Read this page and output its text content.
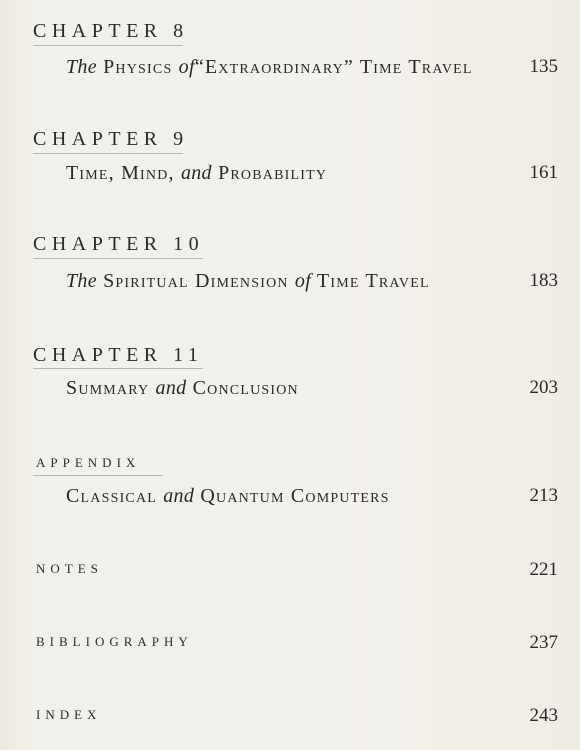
CHAPTER 8
The Physics of“Extraordinary” Time Travel	135
CHAPTER 9
Time, Mind, and Probability	161
CHAPTER 10
The Spiritual Dimension of Time Travel	183
CHAPTER 11
Summary and Conclusion	203
APPENDIX
Classical and Quantum Computers	213
NOTES	221
BIBLIOGRAPHY	237
INDEX	243
